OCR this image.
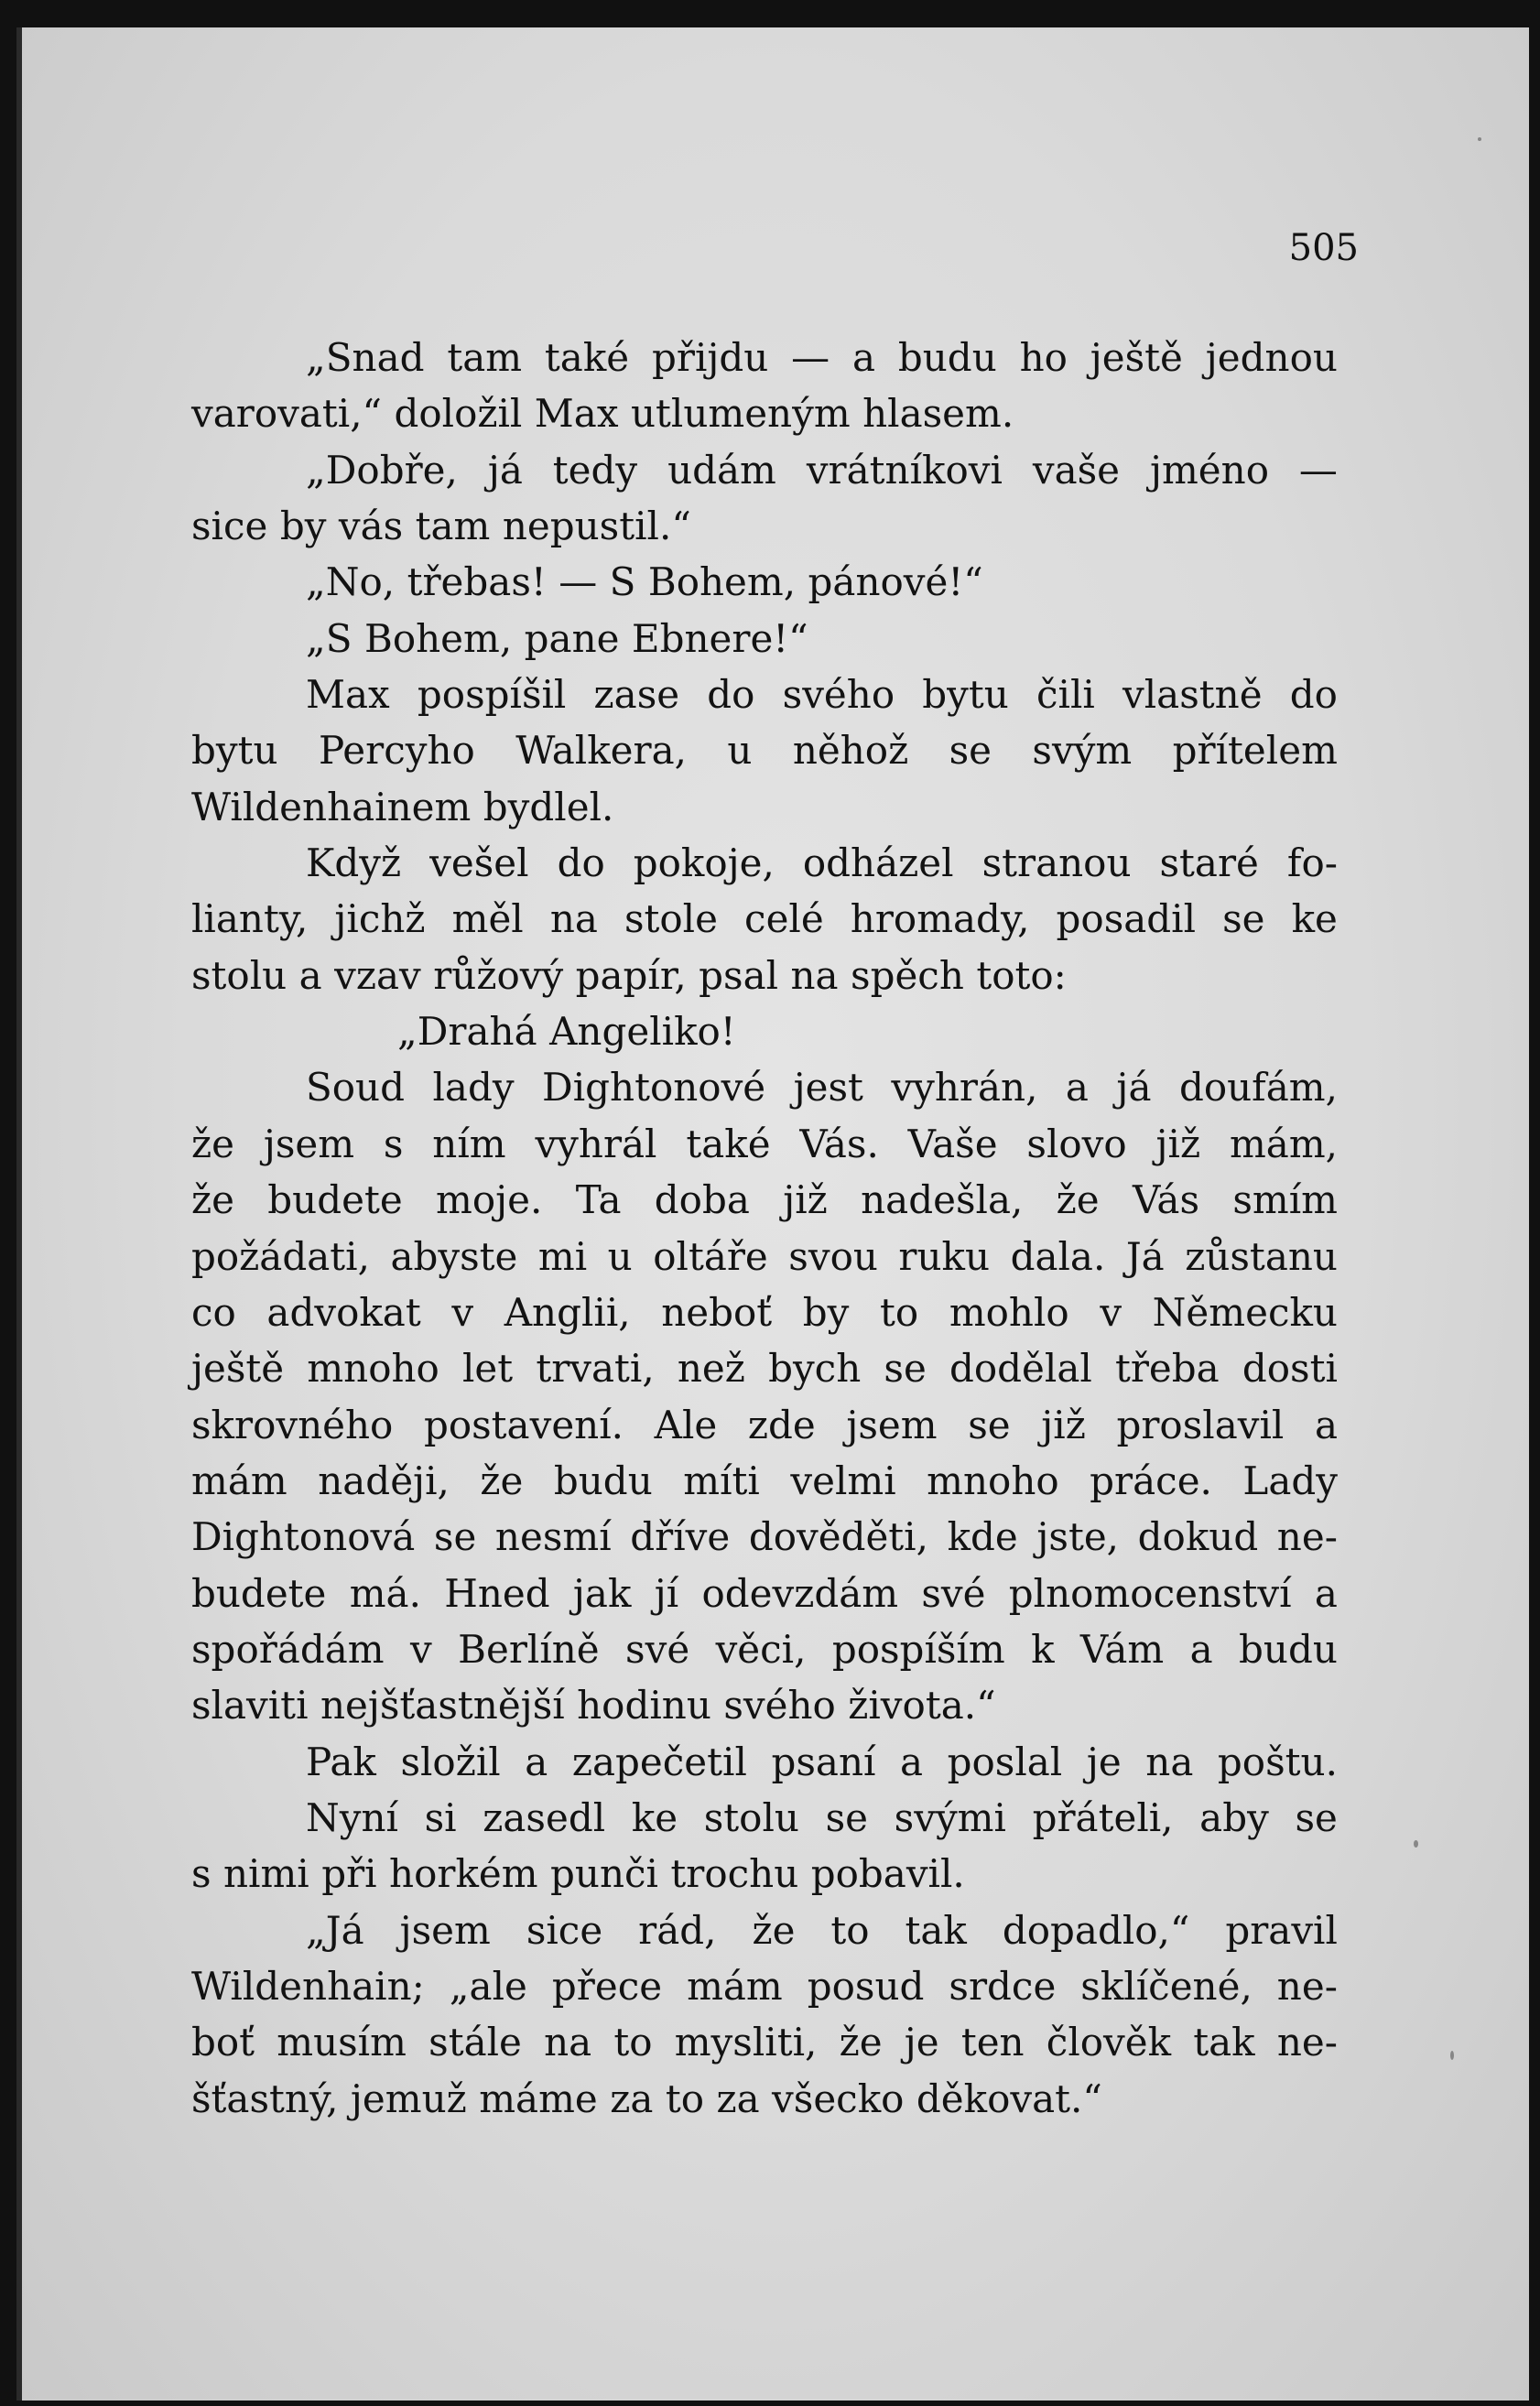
505
„Snad tam také přijdu — a budu ho ještě jednou
varovati,“ doložil Max utlumeným hlasem.
„Dobře, já tedy udám vrátníkovi vaše jméno —
sice by vás tam nepustil.“
„No, třebas! — S Bohem, pánové!“
„S Bohem, pane Ebnere!“
Max pospíšil zase do svého bytu čili vlastně do
bytu Percyho Walkera, u něhož se svým přítelem
Wildenhainem bydlel.
Když vešel do pokoje, odházel stranou staré fo-
lianty, jichž měl na stole celé hromady, posadil se ke
stolu a vzav růžový papír, psal na spěch toto:
„Drahá Angeliko!
Soud lady Dightonové jest vyhrán, a já doufám,
že jsem s ním vyhrál také Vás. Vaše slovo již mám,
že budete moje. Ta doba již nadešla, že Vás smím
požádati, abyste mi u oltáře svou ruku dala. Já zůstanu
co advokat v Anglii, neboť by to mohlo v Německu
ještě mnoho let trvati, než bych se dodělal třeba dosti
skrovného postavení. Ale zde jsem se již proslavil a
mám naději, že budu míti velmi mnoho práce. Lady
Dightonová se nesmí dříve dověděti, kde jste, dokud ne-
budete má. Hned jak jí odevzdám své plnomocenství a
spořádám v Berlíně své věci, pospíším k Vám a budu
slaviti nejšťastnější hodinu svého života.“
Pak složil a zapečetil psaní a poslal je na poštu.
Nyní si zasedl ke stolu se svými přáteli, aby se
s nimi při horkém punči trochu pobavil.
„Já jsem sice rád, že to tak dopadlo,“ pravil
Wildenhain; „ale přece mám posud srdce sklíčené, ne-
boť musím stále na to mysliti, že je ten člověk tak ne-
šťastný, jemuž máme za to za všecko děkovat.“
